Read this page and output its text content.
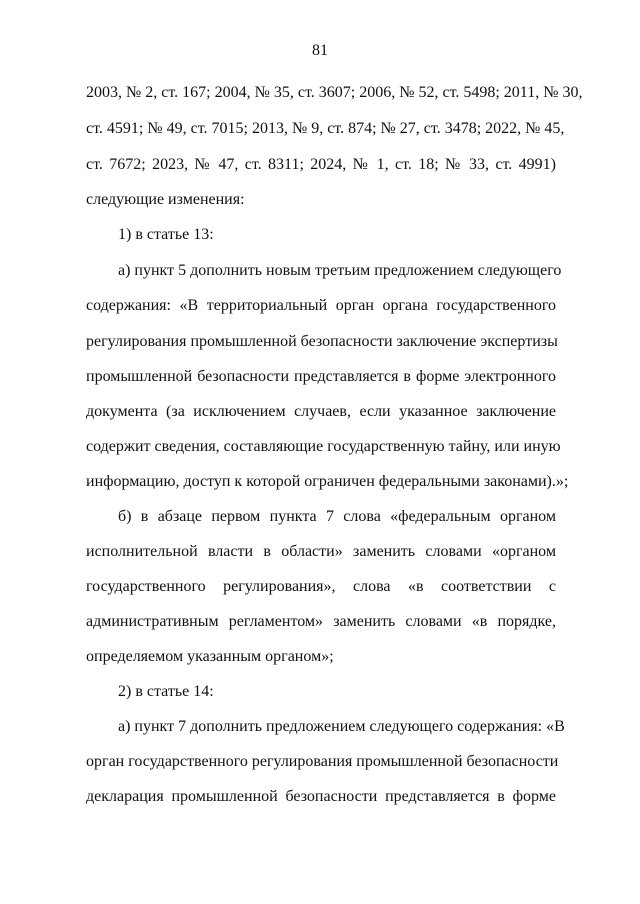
81
2003, № 2, ст. 167; 2004, № 35, ст. 3607; 2006, № 52, ст. 5498; 2011, № 30,
ст. 4591; № 49, ст. 7015; 2013, № 9, ст. 874; № 27, ст. 3478; 2022, № 45,
ст. 7672; 2023, № 47, ст. 8311; 2024, № 1, ст. 18; № 33, ст. 4991)
следующие изменения:
1) в статье 13:
а) пункт 5 дополнить новым третьим предложением следующего
содержания: «В территориальный орган органа государственного
регулирования промышленной безопасности заключение экспертизы
промышленной безопасности представляется в форме электронного
документа (за исключением случаев, если указанное заключение
содержит сведения, составляющие государственную тайну, или иную
информацию, доступ к которой ограничен федеральными законами).»;
б) в абзаце первом пункта 7 слова «федеральным органом
исполнительной власти в области» заменить словами «органом
государственного регулирования», слова «в соответствии с
административным регламентом» заменить словами «в порядке,
определяемом указанным органом»;
2) в статье 14:
а) пункт 7 дополнить предложением следующего содержания: «В
орган государственного регулирования промышленной безопасности
декларация промышленной безопасности представляется в форме
